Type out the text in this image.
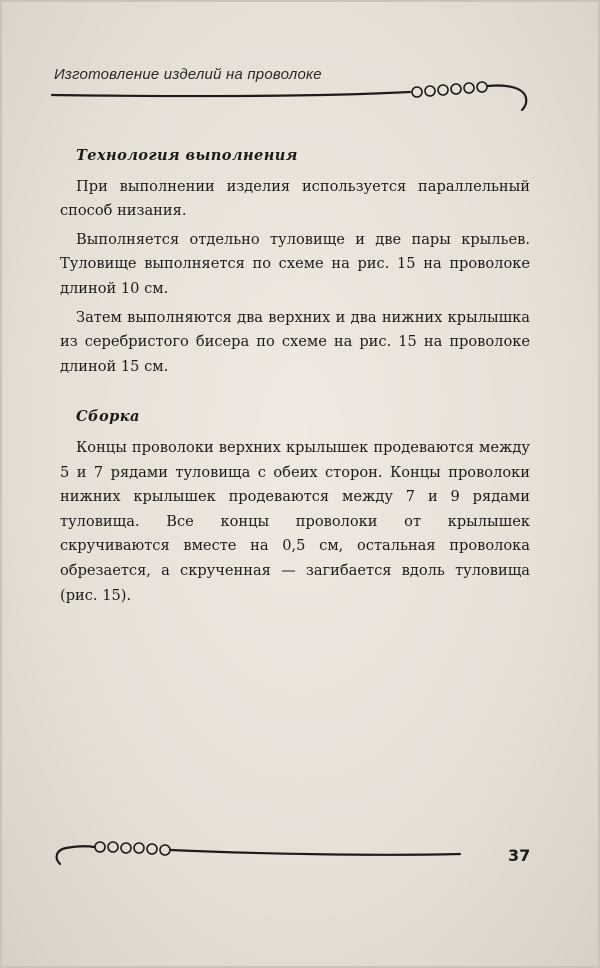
Изготовление изделий на проволоке
Технология выполнения

При выполнении изделия используется параллельный способ низания.

Выполняется отдельно туловище и две пары крыльев. Туловище выполняется по схеме на рис. 15 на проволоке длиной 10 см.

Затем выполняются два верхних и два нижних крылышка из серебристого бисера по схеме на рис. 15 на проволоке длиной 15 см.

Сборка

Концы проволоки верхних крылышек продеваются между 5 и 7 рядами туловища с обеих сторон. Концы проволоки нижних крылышек продеваются между 7 и 9 рядами туловища. Все концы проволоки от крылышек скручиваются вместе на 0,5 см, остальная проволока обрезается, а скрученная — загибается вдоль туловища (рис. 15).

37
